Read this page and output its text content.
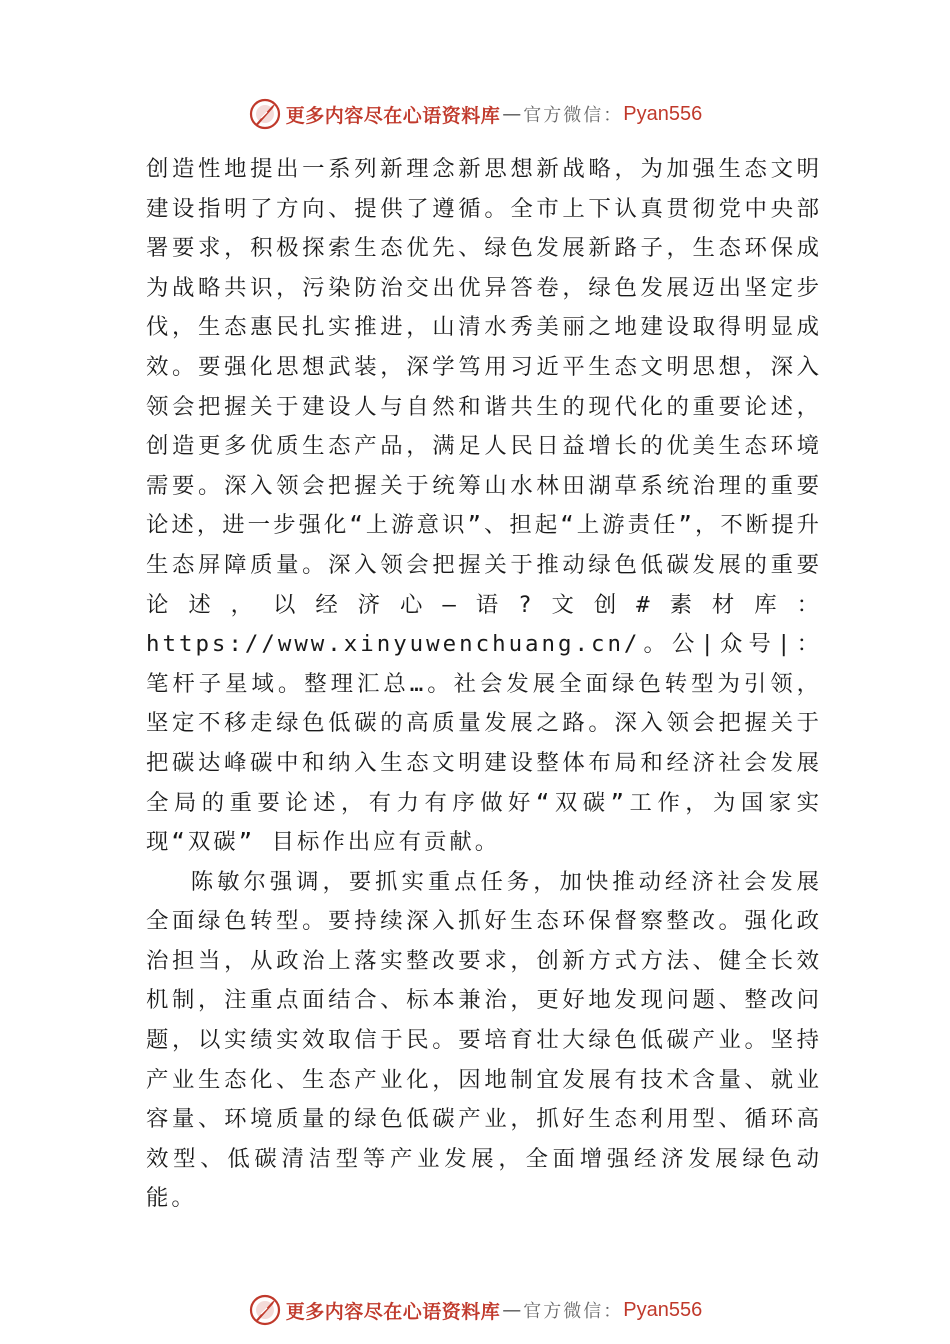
更多内容尽在心语资料库 — 官方微信： Pyan556

创造性地提出一系列新理念新思想新战略，为加强生态文明建设指明了方向、提供了遵循。全市上下认真贯彻党中央部署要求，积极探索生态优先、绿色发展新路子，生态环保成为战略共识，污染防治交出优异答卷，绿色发展迈出坚定步伐，生态惠民扎实推进，山清水秀美丽之地建设取得明显成效。要强化思想武装，深学笃用习近平生态文明思想，深入领会把握关于建设人与自然和谐共生的现代化的重要论述，创造更多优质生态产品，满足人民日益增长的优美生态环境需要。深入领会把握关于统筹山水林田湖草系统治理的重要论述，进一步强化“上游意识”、担起“上游责任”，不断提升生态屏障质量。深入领会把握关于推动绿色低碳发展的重要论述，以经济心—语?文创#素材库：https://www.xinyuwenchuang.cn/。公|众号|：笔杆子星域。整理汇总…。社会发展全面绿色转型为引领，坚定不移走绿色低碳的高质量发展之路。深入领会把握关于把碳达峰碳中和纳入生态文明建设整体布局和经济社会发展全局的重要论述，有力有序做好“双碳”工作，为国家实现“双碳” 目标作出应有贡献。

陈敏尔强调，要抓实重点任务，加快推动经济社会发展全面绿色转型。要持续深入抓好生态环保督察整改。强化政治担当，从政治上落实整改要求，创新方式方法、健全长效机制，注重点面结合、标本兼治，更好地发现问题、整改问题，以实绩实效取信于民。要培育壮大绿色低碳产业。坚持产业生态化、生态产业化，因地制宜发展有技术含量、就业容量、环境质量的绿色低碳产业，抓好生态利用型、循环高效型、低碳清洁型等产业发展，全面增强经济发展绿色动能。

更多内容尽在心语资料库 — 官方微信： Pyan556
